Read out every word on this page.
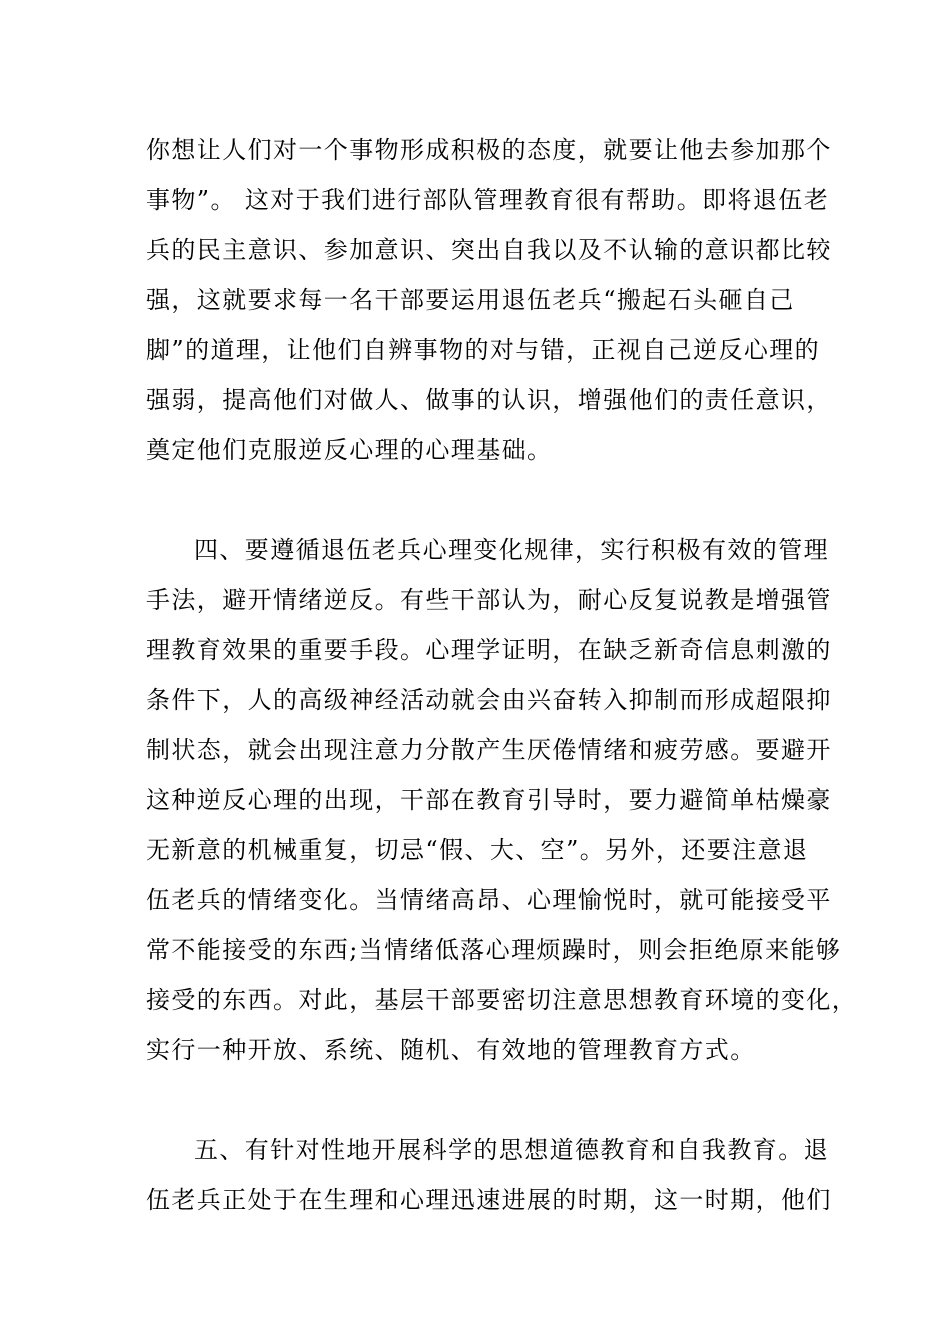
你想让人们对一个事物形成积极的态度，就要让他去参加那个
事物”。 这对于我们进行部队管理教育很有帮助。即将退伍老
兵的民主意识、参加意识、突出自我以及不认输的意识都比较
强，这就要求每一名干部要运用退伍老兵“搬起石头砸自己
脚”的道理，让他们自辨事物的对与错，正视自己逆反心理的
强弱，提高他们对做人、做事的认识，增强他们的责任意识，
奠定他们克服逆反心理的心理基础。
四、要遵循退伍老兵心理变化规律，实行积极有效的管理
手法，避开情绪逆反。有些干部认为，耐心反复说教是增强管
理教育效果的重要手段。心理学证明，在缺乏新奇信息刺激的
条件下，人的高级神经活动就会由兴奋转入抑制而形成超限抑
制状态，就会出现注意力分散产生厌倦情绪和疲劳感。要避开
这种逆反心理的出现，干部在教育引导时，要力避简单枯燥豪
无新意的机械重复，切忌“假、大、空”。另外，还要注意退
伍老兵的情绪变化。当情绪高昂、心理愉悦时，就可能接受平
常不能接受的东西;当情绪低落心理烦躁时，则会拒绝原来能够
接受的东西。对此，基层干部要密切注意思想教育环境的变化，
实行一种开放、系统、随机、有效地的管理教育方式。
五、有针对性地开展科学的思想道德教育和自我教育。退
伍老兵正处于在生理和心理迅速进展的时期，这一时期，他们
